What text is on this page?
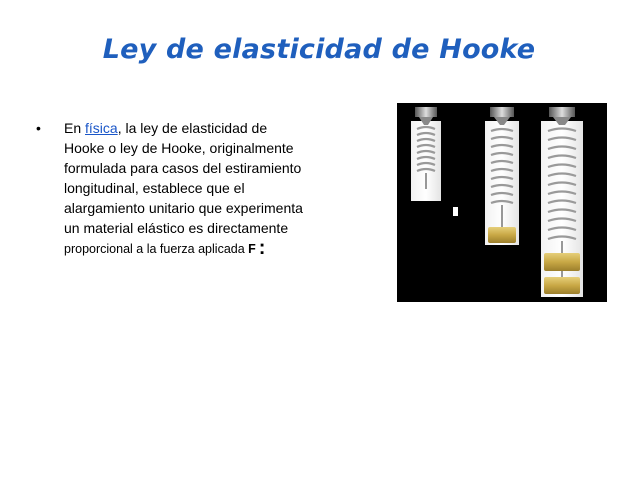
Ley de elasticidad de Hooke
•	En física, la ley de elasticidad de Hooke o ley de Hooke, originalmente formulada para casos del estiramiento longitudinal, establece que el alargamiento unitario que experimenta un material elástico es directamente
proporcional a la fuerza aplicada F :
